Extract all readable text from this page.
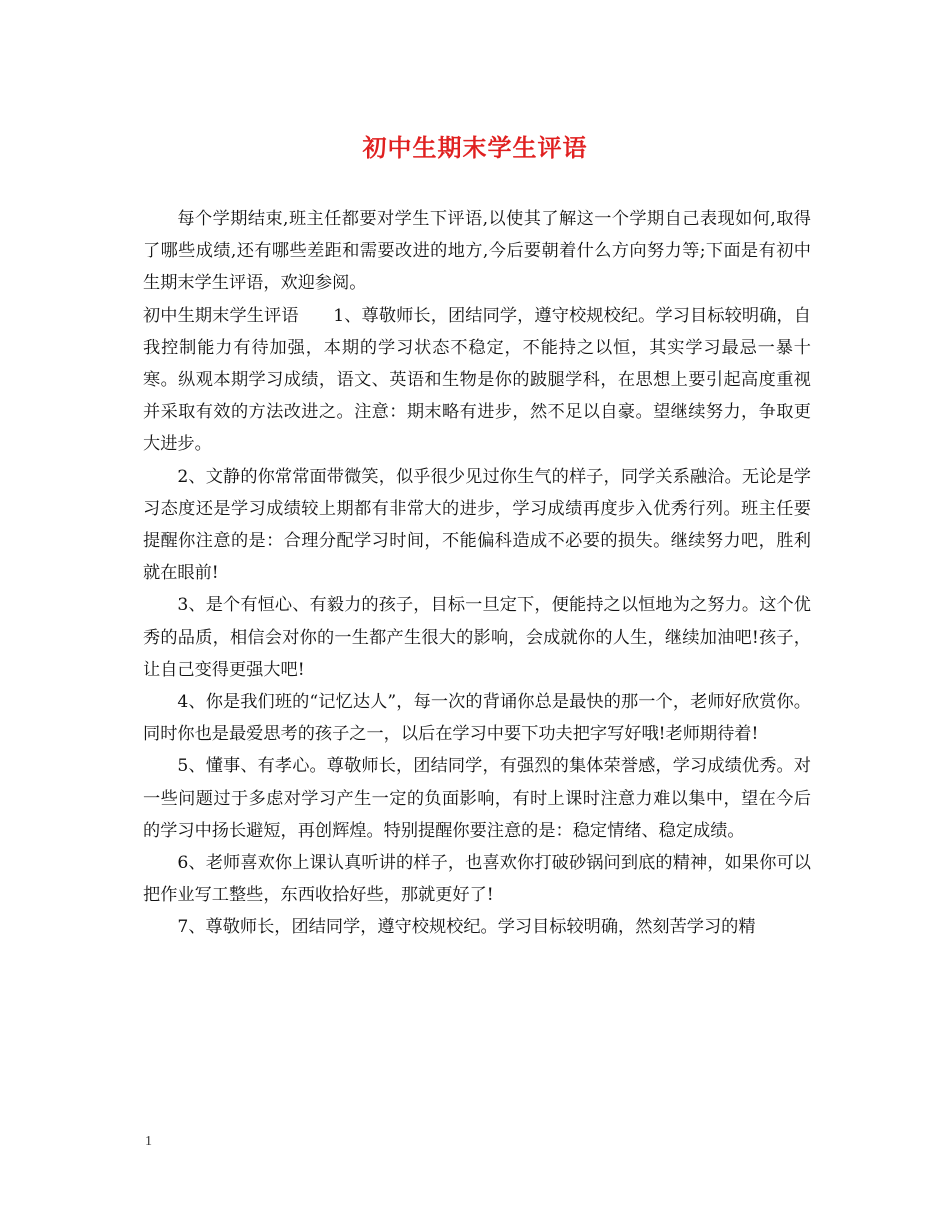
初中生期末学生评语

每个学期结束,班主任都要对学生下评语,以使其了解这一个学期自己表现如何,取得了哪些成绩,还有哪些差距和需要改进的地方,今后要朝着什么方向努力等;下面是有初中生期末学生评语，欢迎参阅。

初中生期末学生评语　　1、尊敬师长，团结同学，遵守校规校纪。学习目标较明确，自我控制能力有待加强，本期的学习状态不稳定，不能持之以恒，其实学习最忌一暴十寒。纵观本期学习成绩，语文、英语和生物是你的跛腿学科，在思想上要引起高度重视并采取有效的方法改进之。注意：期末略有进步，然不足以自豪。望继续努力，争取更大进步。

2、文静的你常常面带微笑，似乎很少见过你生气的样子，同学关系融洽。无论是学习态度还是学习成绩较上期都有非常大的进步，学习成绩再度步入优秀行列。班主任要提醒你注意的是：合理分配学习时间，不能偏科造成不必要的损失。继续努力吧，胜利就在眼前!

3、是个有恒心、有毅力的孩子，目标一旦定下，便能持之以恒地为之努力。这个优秀的品质，相信会对你的一生都产生很大的影响，会成就你的人生，继续加油吧!孩子，让自己变得更强大吧!

4、你是我们班的“记忆达人”，每一次的背诵你总是最快的那一个，老师好欣赏你。同时你也是最爱思考的孩子之一，以后在学习中要下功夫把字写好哦!老师期待着!

5、懂事、有孝心。尊敬师长，团结同学，有强烈的集体荣誉感，学习成绩优秀。对一些问题过于多虑对学习产生一定的负面影响，有时上课时注意力难以集中，望在今后的学习中扬长避短，再创辉煌。特别提醒你要注意的是：稳定情绪、稳定成绩。

6、老师喜欢你上课认真听讲的样子，也喜欢你打破砂锅问到底的精神，如果你可以把作业写工整些，东西收拾好些，那就更好了!

7、尊敬师长，团结同学，遵守校规校纪。学习目标较明确，然刻苦学习的精

1
